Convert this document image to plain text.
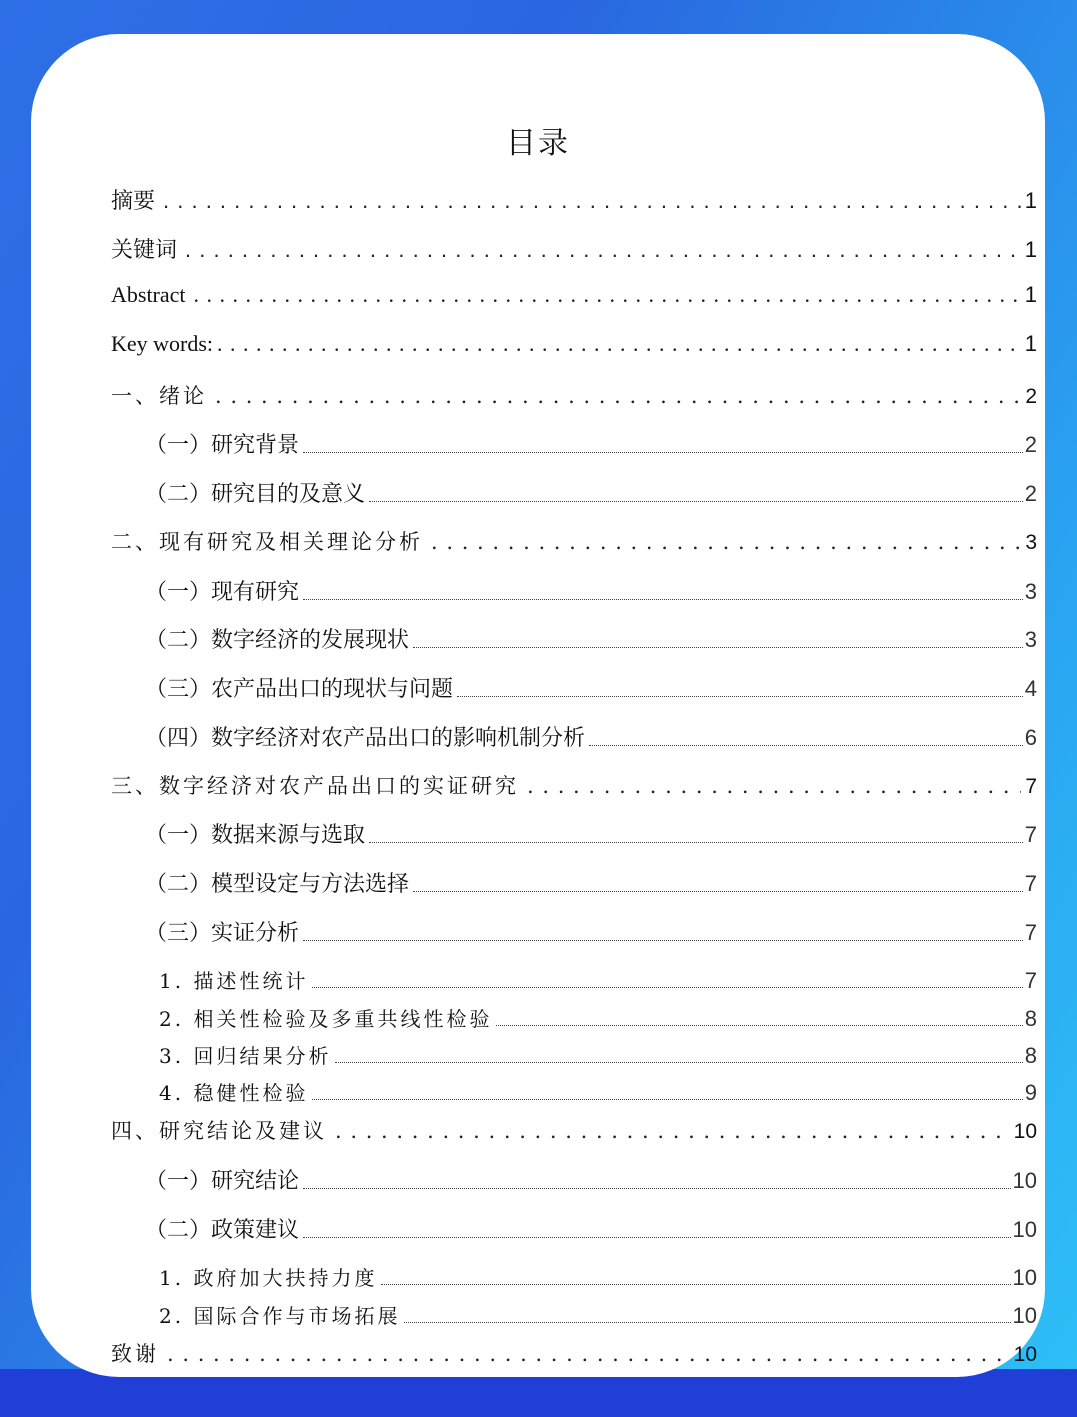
目录
摘要 . . .	1
关键词 . . .	1
Abstract . . .	1
Key words: . . .	1
一、绪论 . . .	2
（一）研究背景	2
（二）研究目的及意义	2
二、现有研究及相关理论分析 . . .	3
（一）现有研究	3
（二）数字经济的发展现状	3
（三）农产品出口的现状与问题	4
（四）数字经济对农产品出口的影响机制分析	6
三、数字经济对农产品出口的实证研究 . . .	7
（一）数据来源与选取	7
（二）模型设定与方法选择	7
（三）实证分析	7
1. 描述性统计	7
2. 相关性检验及多重共线性检验	8
3. 回归结果分析	8
4. 稳健性检验	9
四、研究结论及建议 . . .	10
（一）研究结论	10
（二）政策建议	10
1. 政府加大扶持力度	10
2. 国际合作与市场拓展	10
致谢 . . .	10
